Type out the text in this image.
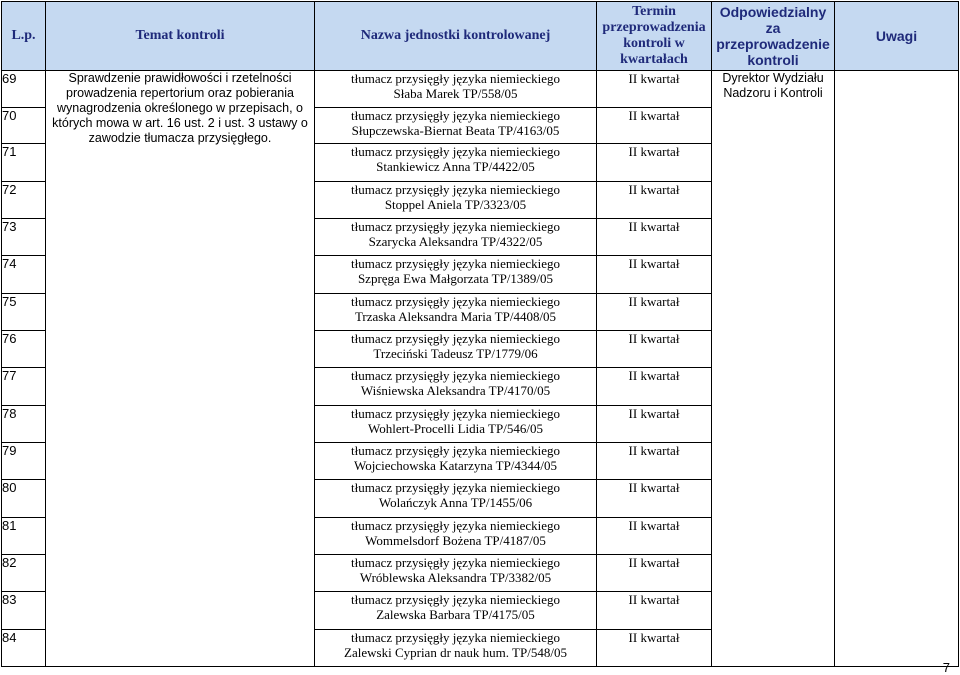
L.p.	Temat kontroli	Nazwa jednostki kontrolowanej	Termin przeprowadzenia kontroli w kwartałach	Odpowiedzialny za przeprowadzenie kontroli	Uwagi

69	Sprawdzenie prawidłowości i rzetelności prowadzenia repertorium oraz pobierania wynagrodzenia określonego w przepisach, o których mowa w art. 16 ust. 2 i ust. 3 ustawy o zawodzie tłumacza przysięgłego.	tłumacz przysięgły języka niemieckiego
Słaba Marek TP/558/05	II kwartał	Dyrektor Wydziału Nadzoru i Kontroli	
70		tłumacz przysięgły języka niemieckiego
Słupczewska-Biernat Beata TP/4163/05	II kwartał		
71		tłumacz przysięgły języka niemieckiego
Stankiewicz Anna TP/4422/05	II kwartał		
72		tłumacz przysięgły języka niemieckiego
Stoppel Aniela TP/3323/05	II kwartał		
73		tłumacz przysięgły języka niemieckiego
Szarycka Aleksandra TP/4322/05	II kwartał		
74		tłumacz przysięgły języka niemieckiego
Szpręga Ewa Małgorzata TP/1389/05	II kwartał		
75		tłumacz przysięgły języka niemieckiego
Trzaska Aleksandra Maria TP/4408/05	II kwartał		
76		tłumacz przysięgły języka niemieckiego
Trzeciński Tadeusz TP/1779/06	II kwartał		
77		tłumacz przysięgły języka niemieckiego
Wiśniewska Aleksandra TP/4170/05	II kwartał		
78		tłumacz przysięgły języka niemieckiego
Wohlert-Procelli Lidia TP/546/05	II kwartał		
79		tłumacz przysięgły języka niemieckiego
Wojciechowska Katarzyna TP/4344/05	II kwartał		
80		tłumacz przysięgły języka niemieckiego
Wolańczyk Anna TP/1455/06	II kwartał		
81		tłumacz przysięgły języka niemieckiego
Wommelsdorf Bożena TP/4187/05	II kwartał		
82		tłumacz przysięgły języka niemieckiego
Wróblewska Aleksandra TP/3382/05	II kwartał		
83		tłumacz przysięgły języka niemieckiego
Zalewska Barbara TP/4175/05	II kwartał		
84		tłumacz przysięgły języka niemieckiego
Zalewski Cyprian dr nauk hum. TP/548/05	II kwartał		
7
